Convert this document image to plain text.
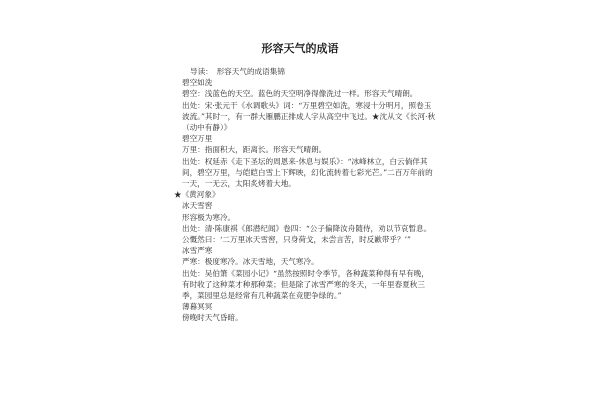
形容天气的成语

导读：　形容天气的成语集锦

碧空如洗

碧空：浅蓝色的天空。蓝色的天空明净得像洗过一样。形容天气晴朗。

出处：宋·张元干《水调歌头》词：“万里碧空如洗，寒浸十分明月，照卷玉波流。”其时一，有一群大雁鹏正排成人字从高空中飞过。★沈从文《长河·秋（动中有静）》

碧空万里

万里：指面积大，距离长。形容天气晴朗。

出处：权延赤《走下圣坛的周恩来·休息与娱乐》：“冰峰林立，白云倘佯其间，碧空万里，与皑皑白雪上下辉映，幻化流转着七彩光芒。”二百万年前的一天，一无云，太阳炙烤着大地。

★《黄河象》

冰天雪窖

形容极为寒冷。

出处：清·陈康祺《郎潜纪闻》卷四：“公子偏降汝舟随侍，劝以节哀暂息。公慨然曰：‘二万里冰天雪窖，只身荷戈，未尝言苦，时反歉带乎？’”

冰雪严寒

严寒：极度寒冷。冰天雪地，天气寒冷。

出处：吴伯箫《菜园小记》“虽然按照时令季节，各种蔬菜种得有早有晚，有时收了这种菜才种那种菜；但是除了冰雪严寒的冬天，一年里春夏秋三季，菜园里总是经常有几种蔬菜在竞肥争绿的。”

薄暮冥冥

傍晚时天气昏暗。
